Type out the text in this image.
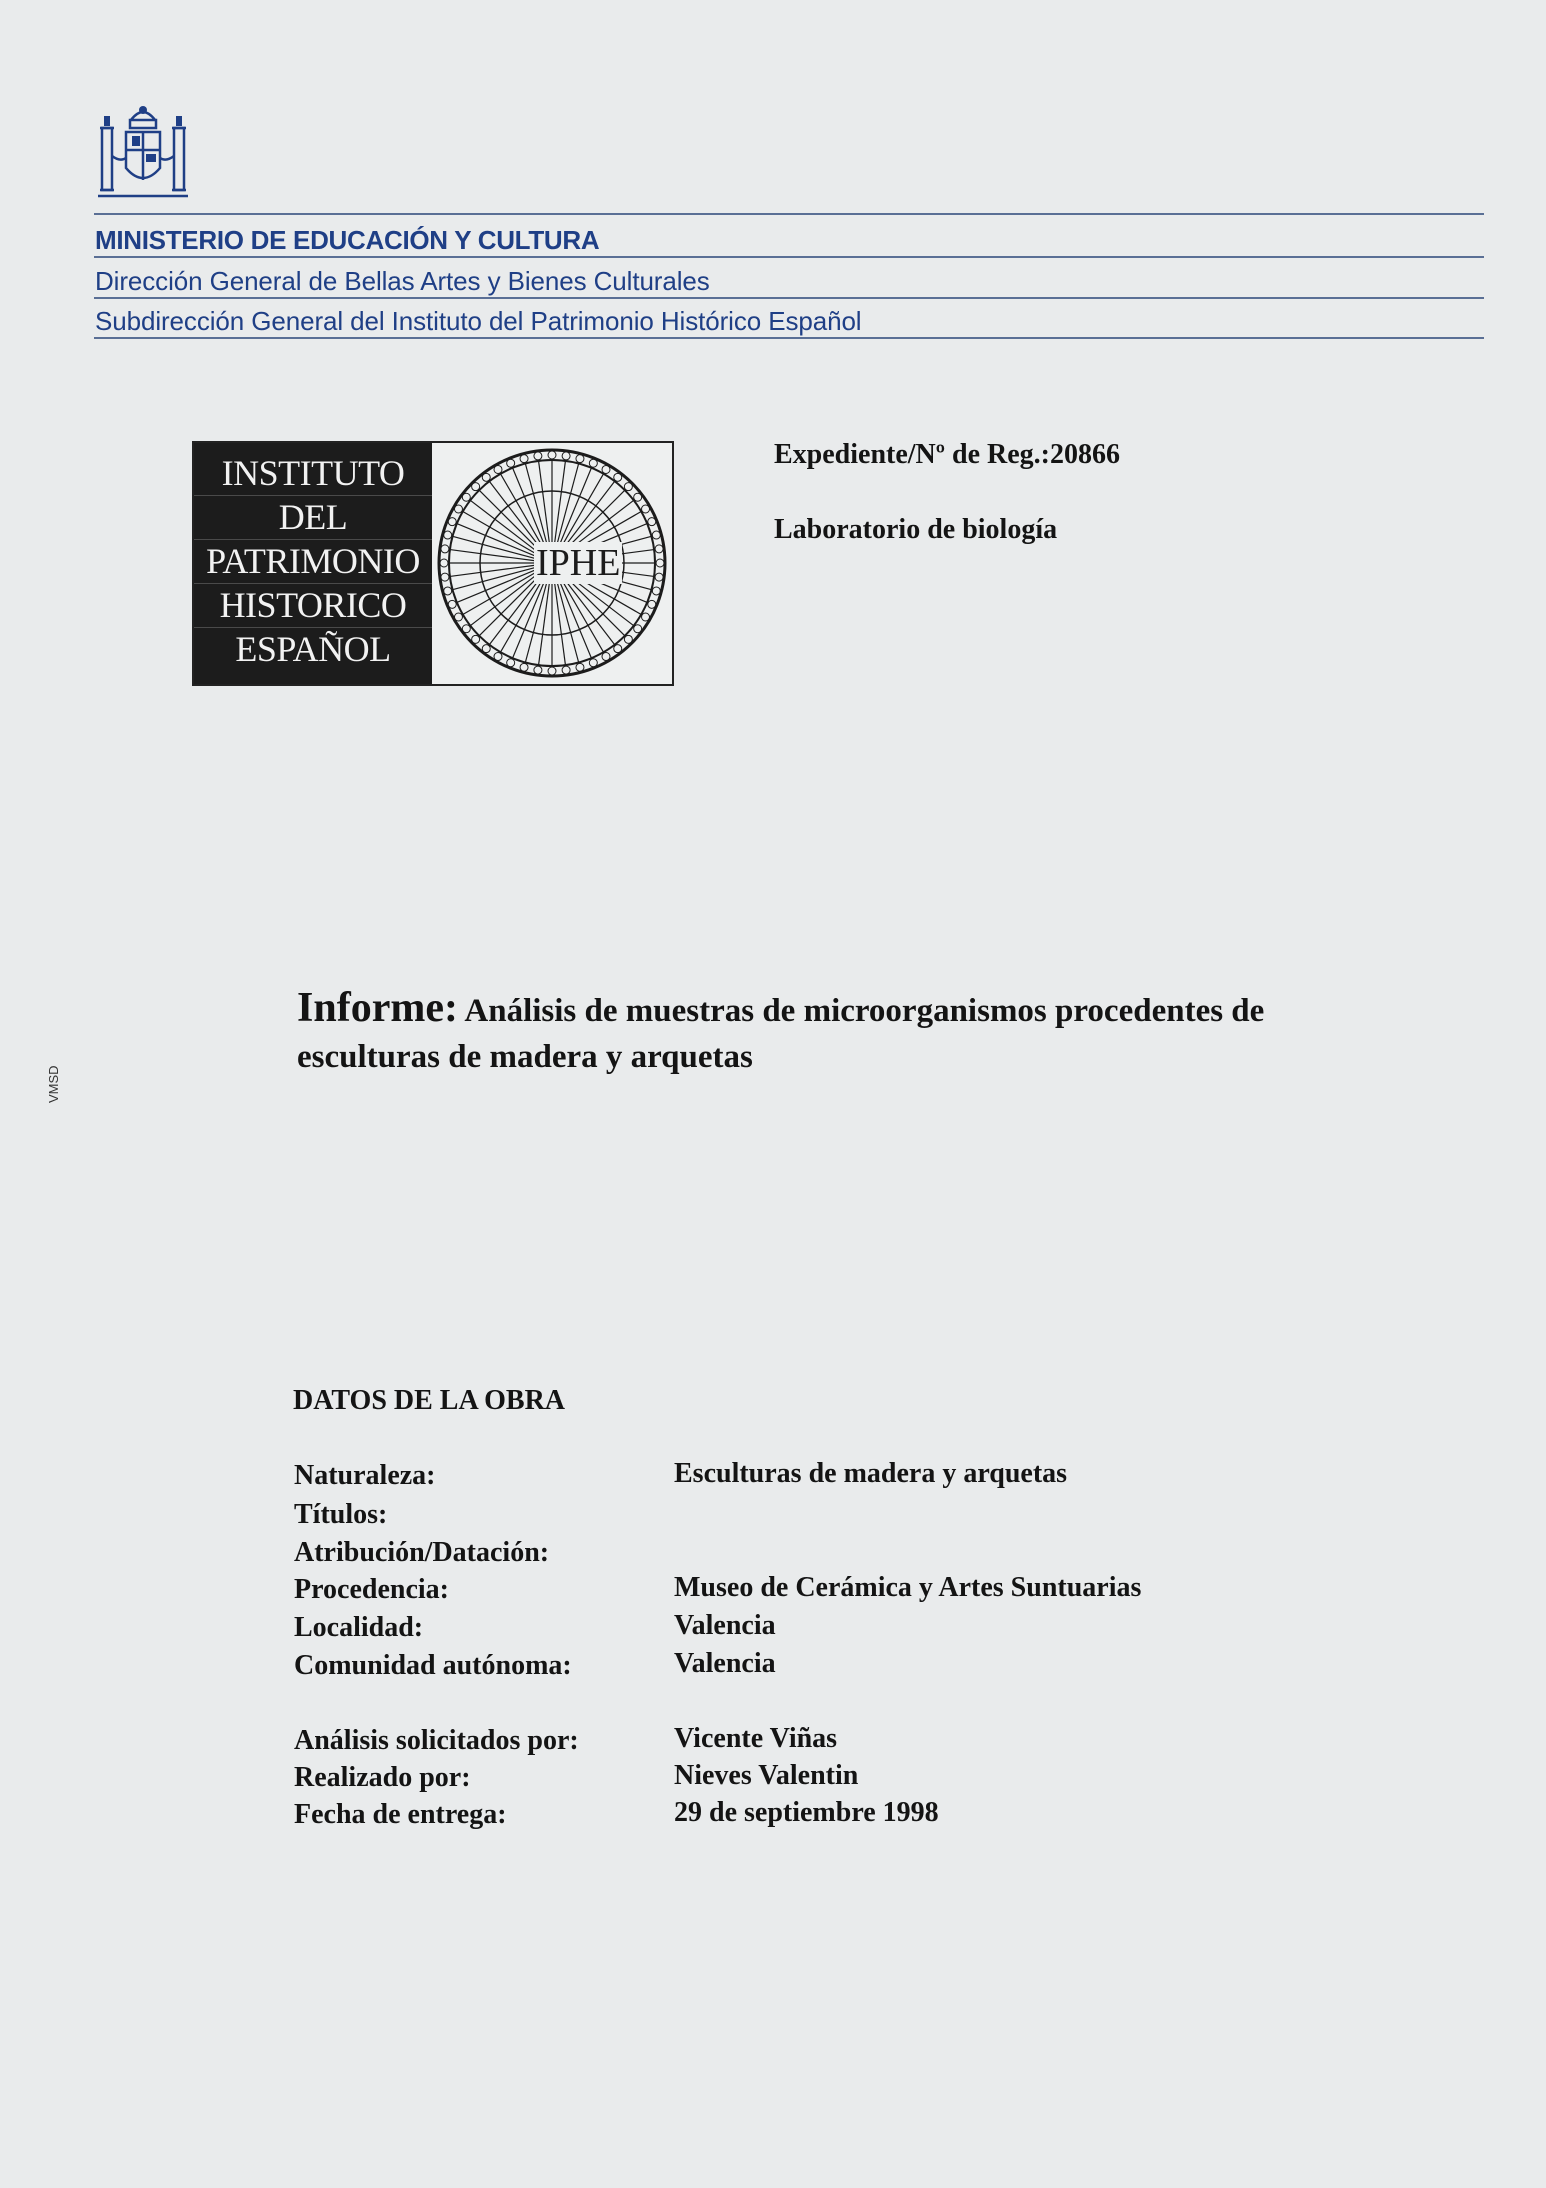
MINISTERIO DE EDUCACIÓN Y CULTURA
Dirección General de Bellas Artes y Bienes Culturales
Subdirección General del Instituto del Patrimonio Histórico Español
INSTITUTO
DEL
PATRIMONIO
HISTORICO
ESPAÑOL
IPHE
Expediente/Nº de Reg.:20866
Laboratorio de biología
Informe: Análisis de muestras de microorganismos procedentes de
esculturas de madera y arquetas
VMSD
DATOS DE LA OBRA
Naturaleza:	Esculturas de madera y arquetas
Títulos:
Atribución/Datación:
Procedencia:	Museo de Cerámica y Artes Suntuarias
Localidad:	Valencia
Comunidad autónoma:	Valencia
Análisis solicitados por:	Vicente Viñas
Realizado por:	Nieves Valentin
Fecha de entrega:	29 de septiembre 1998
